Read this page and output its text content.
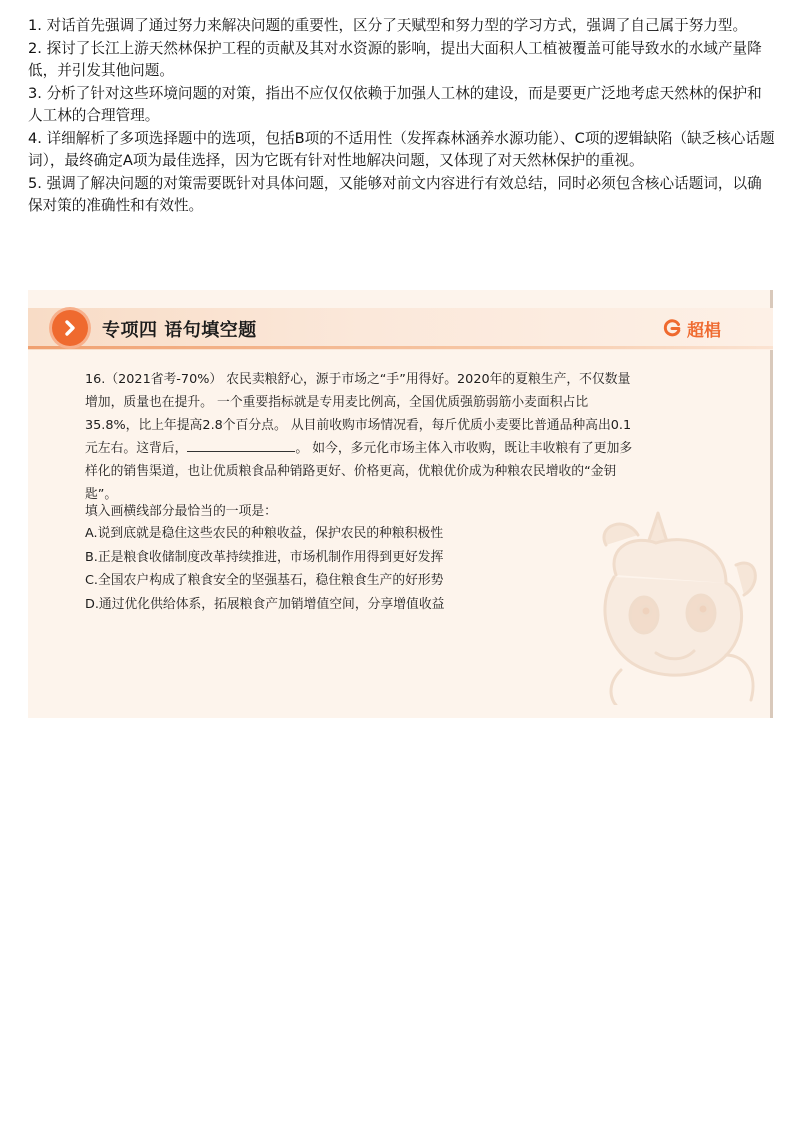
1. 对话首先强调了通过努力来解决问题的重要性，区分了天赋型和努力型的学习方式，强调了自己属于努力型。
2. 探讨了长江上游天然林保护工程的贡献及其对水资源的影响，提出大面积人工植被覆盖可能导致水的水域产量降低，并引发其他问题。
3. 分析了针对这些环境问题的对策，指出不应仅仅依赖于加强人工林的建设，而是要更广泛地考虑天然林的保护和人工林的合理管理。
4. 详细解析了多项选择题中的选项，包括B项的不适用性（发挥森林涵养水源功能）、C项的逻辑缺陷（缺乏核心话题词），最终确定A项为最佳选择，因为它既有针对性地解决问题，又体现了对天然林保护的重视。
5. 强调了解决问题的对策需要既针对具体问题，又能够对前文内容进行有效总结，同时必须包含核心话题词，以确保对策的准确性和有效性。
专项四 语句填空题	超椙

16.（2021省考-70%） 农民卖粮舒心，源于市场之“手”用得好。2020年的夏粮生产，不仅数量增加，质量也在提升。 一个重要指标就是专用麦比例高，全国优质强筋弱筋小麦面积占比35.8%，比上年提高2.8个百分点。 从目前收购市场情况看，每斤优质小麦要比普通品种高出0.1元左右。这背后，	。 如今，多元化市场主体入市收购，既让丰收粮有了更加多样化的销售渠道，也让优质粮食品种销路更好、价格更高，优粮优价成为种粮农民增收的“金钥匙”。

填入画横线部分最恰当的一项是：

A.说到底就是稳住这些农民的种粮收益，保护农民的种粮积极性
B.正是粮食收储制度改革持续推进，市场机制作用得到更好发挥
C.全国农户构成了粮食安全的坚强基石，稳住粮食生产的好形势
D.通过优化供给体系，拓展粮食产加销增值空间，分享增值收益
